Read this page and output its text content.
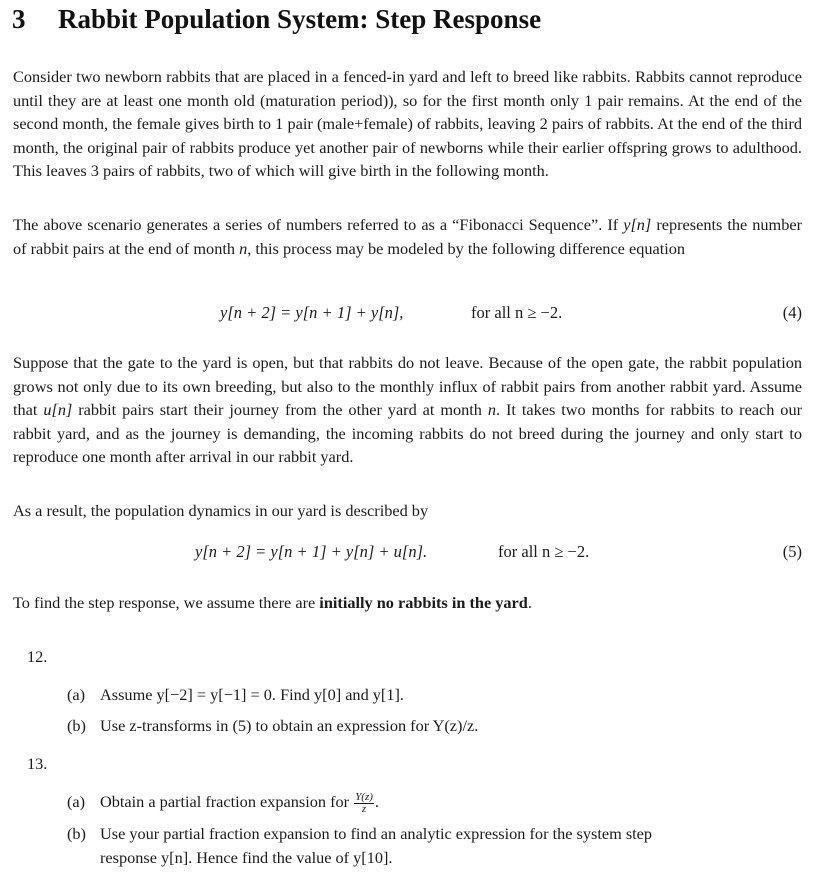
3 Rabbit Population System: Step Response

Consider two newborn rabbits that are placed in a fenced-in yard and left to breed like rabbits. Rabbits cannot reproduce until they are at least one month old (maturation period)), so for the first month only 1 pair remains. At the end of the second month, the female gives birth to 1 pair (male+female) of rabbits, leaving 2 pairs of rabbits. At the end of the third month, the original pair of rabbits produce yet another pair of newborns while their earlier offspring grows to adulthood. This leaves 3 pairs of rabbits, two of which will give birth in the following month.

The above scenario generates a series of numbers referred to as a “Fibonacci Sequence”. If y[n] represents the number of rabbit pairs at the end of month n, this process may be modeled by the following difference equation

y[n + 2] = y[n + 1] + y[n],	for all n ≥ −2.	(4)

Suppose that the gate to the yard is open, but that rabbits do not leave. Because of the open gate, the rabbit population grows not only due to its own breeding, but also to the monthly influx of rabbit pairs from another rabbit yard. Assume that u[n] rabbit pairs start their journey from the other yard at month n. It takes two months for rabbits to reach our rabbit yard, and as the journey is demanding, the incoming rabbits do not breed during the journey and only start to reproduce one month after arrival in our rabbit yard.

As a result, the population dynamics in our yard is described by

y[n + 2] = y[n + 1] + y[n] + u[n].	for all n ≥ −2.	(5)

To find the step response, we assume there are initially no rabbits in the yard.

12.
(a) Assume y[−2] = y[−1] = 0. Find y[0] and y[1].
(b) Use z-transforms in (5) to obtain an expression for Y(z)/z.
13.
(a) Obtain a partial fraction expansion for $\frac{Y(z)}{z}$ .
(b) Use your partial fraction expansion to find an analytic expression for the system step
response y[n]. Hence find the value of y[10].
